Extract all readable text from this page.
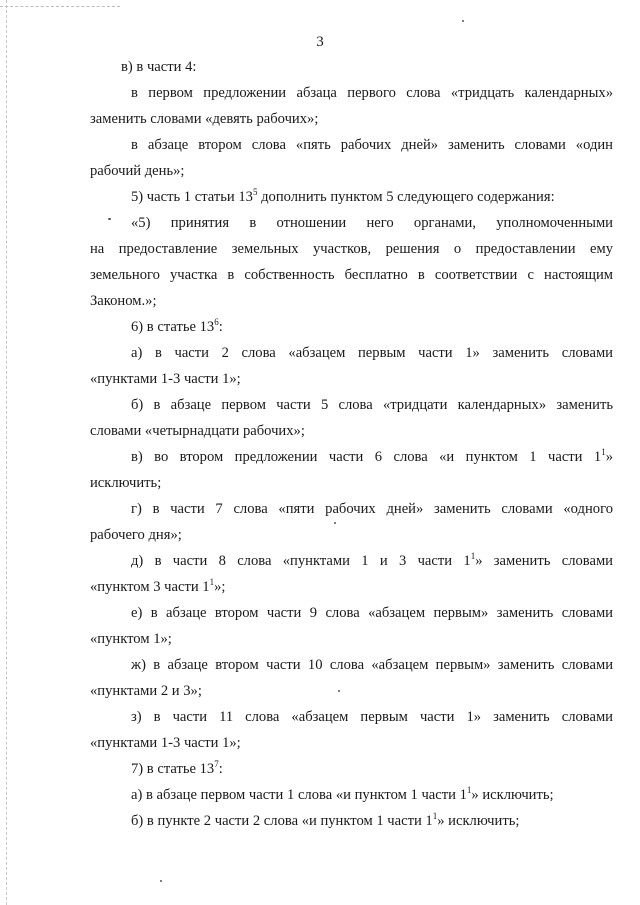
3
в) в части 4:
в первом предложении абзаца первого слова «тридцать календарных»
заменить словами «девять рабочих»;
в абзаце втором слова «пять рабочих дней» заменить словами «один
рабочий день»;
5) часть 1 статьи $13^5$ дополнить пунктом 5 следующего содержания:
«5) принятия в отношении него органами, уполномоченными
на предоставление земельных участков, решения о предоставлении ему
земельного участка в собственность бесплатно в соответствии с настоящим
Законом.»;
6) в статье $13^6$:
а) в части 2 слова «абзацем первым части 1» заменить словами
«пунктами 1-3 части 1»;
б) в абзаце первом части 5 слова «тридцати календарных» заменить
словами «четырнадцати рабочих»;
в) во втором предложении части 6 слова «и пунктом 1 части $1^1$»
исключить;
г) в части 7 слова «пяти рабочих дней» заменить словами «одного
рабочего дня»;
д) в части 8 слова «пунктами 1 и 3 части $1^1$» заменить словами
«пунктом 3 части $1^1$»;
е) в абзаце втором части 9 слова «абзацем первым» заменить словами
«пунктом 1»;
ж) в абзаце втором части 10 слова «абзацем первым» заменить словами
«пунктами 2 и 3»;
з) в части 11 слова «абзацем первым части 1» заменить словами
«пунктами 1-3 части 1»;
7) в статье $13^7$:
а) в абзаце первом части 1 слова «и пунктом 1 части $1^1$» исключить;
б) в пункте 2 части 2 слова «и пунктом 1 части $1^1$» исключить;
